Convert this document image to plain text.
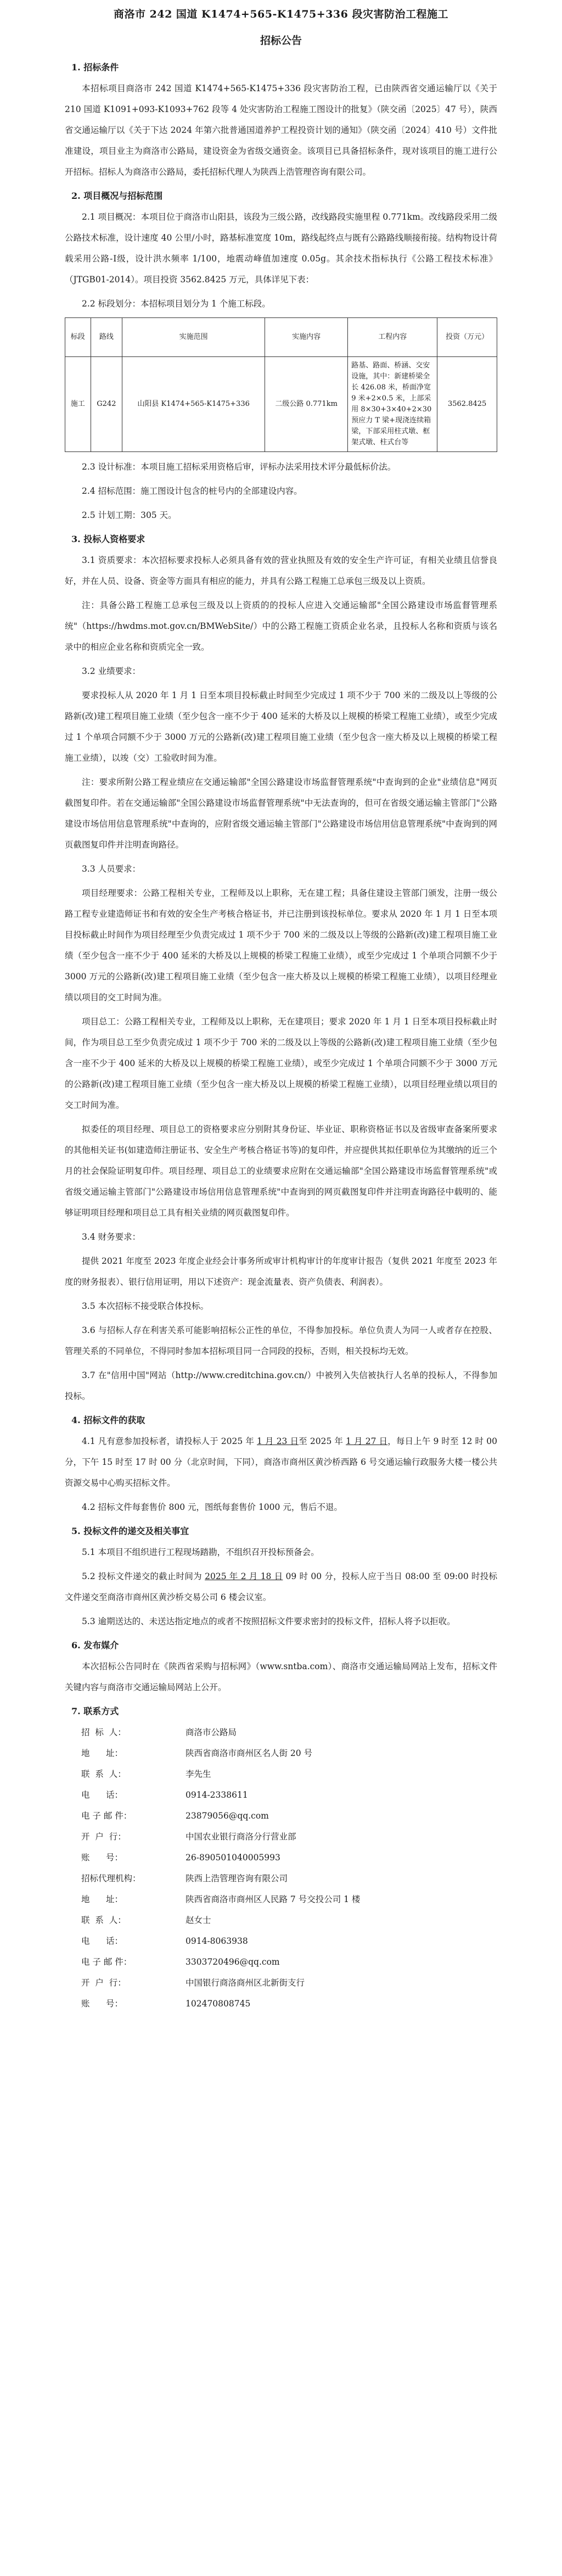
商洛市 242 国道 K1474+565-K1475+336 段灾害防治工程施工
招标公告
1. 招标条件

本招标项目商洛市 242 国道 K1474+565-K1475+336 段灾害防治工程，已由陕西省交通运输厅以《关于 210 国道 K1091+093-K1093+762 段等 4 处灾害防治工程施工图设计的批复》（陕交函〔2025〕47 号），陕西省交通运输厅以《关于下达 2024 年第六批普通国道养护工程投资计划的通知》（陕交函〔2024〕410 号）文件批准建设，项目业主为商洛市公路局，建设资金为省级交通资金。该项目已具备招标条件，现对该项目的施工进行公开招标。招标人为商洛市公路局，委托招标代理人为陕西上浩管理咨询有限公司。

2. 项目概况与招标范围

2.1 项目概况：本项目位于商洛市山阳县，该段为三级公路，改线路段实施里程 0.771km。改线路段采用二级公路技术标准，设计速度 40 公里/小时，路基标准宽度 10m，路线起终点与既有公路路线顺接衔接。结构物设计荷载采用公路-Ⅰ级，设计洪水频率 1/100，地震动峰值加速度 0.05g。其余技术指标执行《公路工程技术标准》（JTGB01-2014）。项目投资 3562.8425 万元，具体详见下表：

2.2 标段划分：本招标项目划分为 1 个施工标段。

标段	路线	实施范围	实施内容	工程内容	投资（万元）
施工	G242	山阳县 K1474+565-K1475+336	二级公路 0.771km	路基、路面、桥涵、交安设施，其中：新建桥梁全长 426.08 米，桥面净宽 9 米+2×0.5 米，上部采用 8×30+3×40+2×30 预应力 T 梁+现浇连续箱梁，下部采用柱式墩、框架式墩、柱式台等	3562.8425

2.3 设计标准：本项目施工招标采用资格后审，评标办法采用技术评分最低标价法。

2.4 招标范围：施工图设计包含的桩号内的全部建设内容。

2.5 计划工期：305 天。

3. 投标人资格要求

3.1 资质要求：本次招标要求投标人必须具备有效的营业执照及有效的安全生产许可证，有相关业绩且信誉良好，并在人员、设备、资金等方面具有相应的能力，并具有公路工程施工总承包三级及以上资质。

注：具备公路工程施工总承包三级及以上资质的的投标人应进入交通运输部"全国公路建设市场监督管理系统"（https://hwdms.mot.gov.cn/BMWebSite/）中的公路工程施工资质企业名录，且投标人名称和资质与该名录中的相应企业名称和资质完全一致。

3.2 业绩要求：

要求投标人从 2020 年 1 月 1 日至本项目投标截止时间至少完成过 1 项不少于 700 米的二级及以上等级的公路新(改)建工程项目施工业绩（至少包含一座不少于 400 延米的大桥及以上规模的桥梁工程施工业绩），或至少完成过 1 个单项合同额不少于 3000 万元的公路新(改)建工程项目施工业绩（至少包含一座大桥及以上规模的桥梁工程施工业绩），以竣（交）工验收时间为准。

注：要求所附公路工程业绩应在交通运输部"全国公路建设市场监督管理系统"中查询到的企业"业绩信息"网页截图复印件。若在交通运输部"全国公路建设市场监督管理系统"中无法查询的，但可在省级交通运输主管部门"公路建设市场信用信息管理系统"中查询的，应附省级交通运输主管部门"公路建设市场信用信息管理系统"中查询到的网页截图复印件并注明查询路径。

3.3 人员要求：

项目经理要求：公路工程相关专业，工程师及以上职称，无在建工程；具备住建设主管部门颁发，注册一级公路工程专业建造师证书和有效的安全生产考核合格证书，并已注册到该投标单位。要求从 2020 年 1 月 1 日至本项目投标截止时间作为项目经理至少负责完成过 1 项不少于 700 米的二级及以上等级的公路新(改)建工程项目施工业绩（至少包含一座不少于 400 延米的大桥及以上规模的桥梁工程施工业绩），或至少完成过 1 个单项合同额不少于 3000 万元的公路新(改)建工程项目施工业绩（至少包含一座大桥及以上规模的桥梁工程施工业绩），以项目经理业绩以项目的交工时间为准。

项目总工：公路工程相关专业，工程师及以上职称，无在建项目；要求 2020 年 1 月 1 日至本项目投标截止时间，作为项目总工至少负责完成过 1 项不少于 700 米的二级及以上等级的公路新(改)建工程项目施工业绩（至少包含一座不少于 400 延米的大桥及以上规模的桥梁工程施工业绩），或至少完成过 1 个单项合同额不少于 3000 万元的公路新(改)建工程项目施工业绩（至少包含一座大桥及以上规模的桥梁工程施工业绩），以项目经理业绩以项目的交工时间为准。

拟委任的项目经理、项目总工的资格要求应分别附其身份证、毕业证、职称资格证书以及省级审查备案所要求的其他相关证书(如建造师注册证书、安全生产考核合格证书等)的复印件，并应提供其拟任职单位为其缴纳的近三个月的社会保险证明复印件。项目经理、项目总工的业绩要求应附在交通运输部"全国公路建设市场监督管理系统"或省级交通运输主管部门"公路建设市场信用信息管理系统"中查询到的网页截图复印件并注明查询路径中载明的、能够证明项目经理和项目总工具有相关业绩的网页截图复印件。

3.4 财务要求：

提供 2021 年度至 2023 年度企业经会计事务所或审计机构审计的年度审计报告（复供 2021 年度至 2023 年度的财务报表）、银行信用证明，用以下述资产：现金流量表、资产负债表、利润表）。

3.5 本次招标不接受联合体投标。

3.6 与招标人存在利害关系可能影响招标公正性的单位，不得参加投标。单位负责人为同一人或者存在控股、管理关系的不同单位，不得同时参加本招标项目同一合同段的投标，否则，相关投标均无效。

3.7 在"信用中国"网站（http://www.creditchina.gov.cn/）中被列入失信被执行人名单的投标人，不得参加投标。

4. 招标文件的获取

4.1 凡有意参加投标者，请投标人于 2025 年 1 月 23 日至 2025 年 1 月 27 日，每日上午 9 时至 12 时 00 分，下午 15 时至 17 时 00 分（北京时间，下同），商洛市商州区黄沙桥西路 6 号交通运输行政服务大楼一楼公共资源交易中心购买招标文件。

4.2 招标文件每套售价 800 元，图纸每套售价 1000 元，售后不退。

5. 投标文件的递交及相关事宜

5.1 本项目不组织进行工程现场踏勘，不组织召开投标预备会。

5.2 投标文件递交的截止时间为 2025 年 2 月 18 日 09 时 00 分，投标人应于当日 08:00 至 09:00 时投标文件递交至商洛市商州区黄沙桥交易公司 6 楼会议室。

5.3 逾期送达的、未送达指定地点的或者不按照招标文件要求密封的投标文件，招标人将予以拒收。

6. 发布媒介

本次招标公告同时在《陕西省采购与招标网》（www.sntba.com）、商洛市交通运输局网站上发布，招标文件关键内容与商洛市交通运输局网站上公开。

7. 联系方式
招  标  人：	商洛市公路局
地      址：	陕西省商洛市商州区名人街 20 号
联  系  人：	李先生
电      话：	0914-2338611
电 子 邮 件：	23879056@qq.com
开  户  行：	中国农业银行商洛分行营业部
账      号：	26-890501040005993
招标代理机构：	陕西上浩管理咨询有限公司
地      址：	陕西省商洛市商州区人民路 7 号交投公司 1 楼
联  系  人：	赵女士
电      话：	0914-8063938
电 子 邮 件：	3303720496@qq.com
开  户  行：	中国银行商洛商州区北新街支行
账      号：	102470808745
